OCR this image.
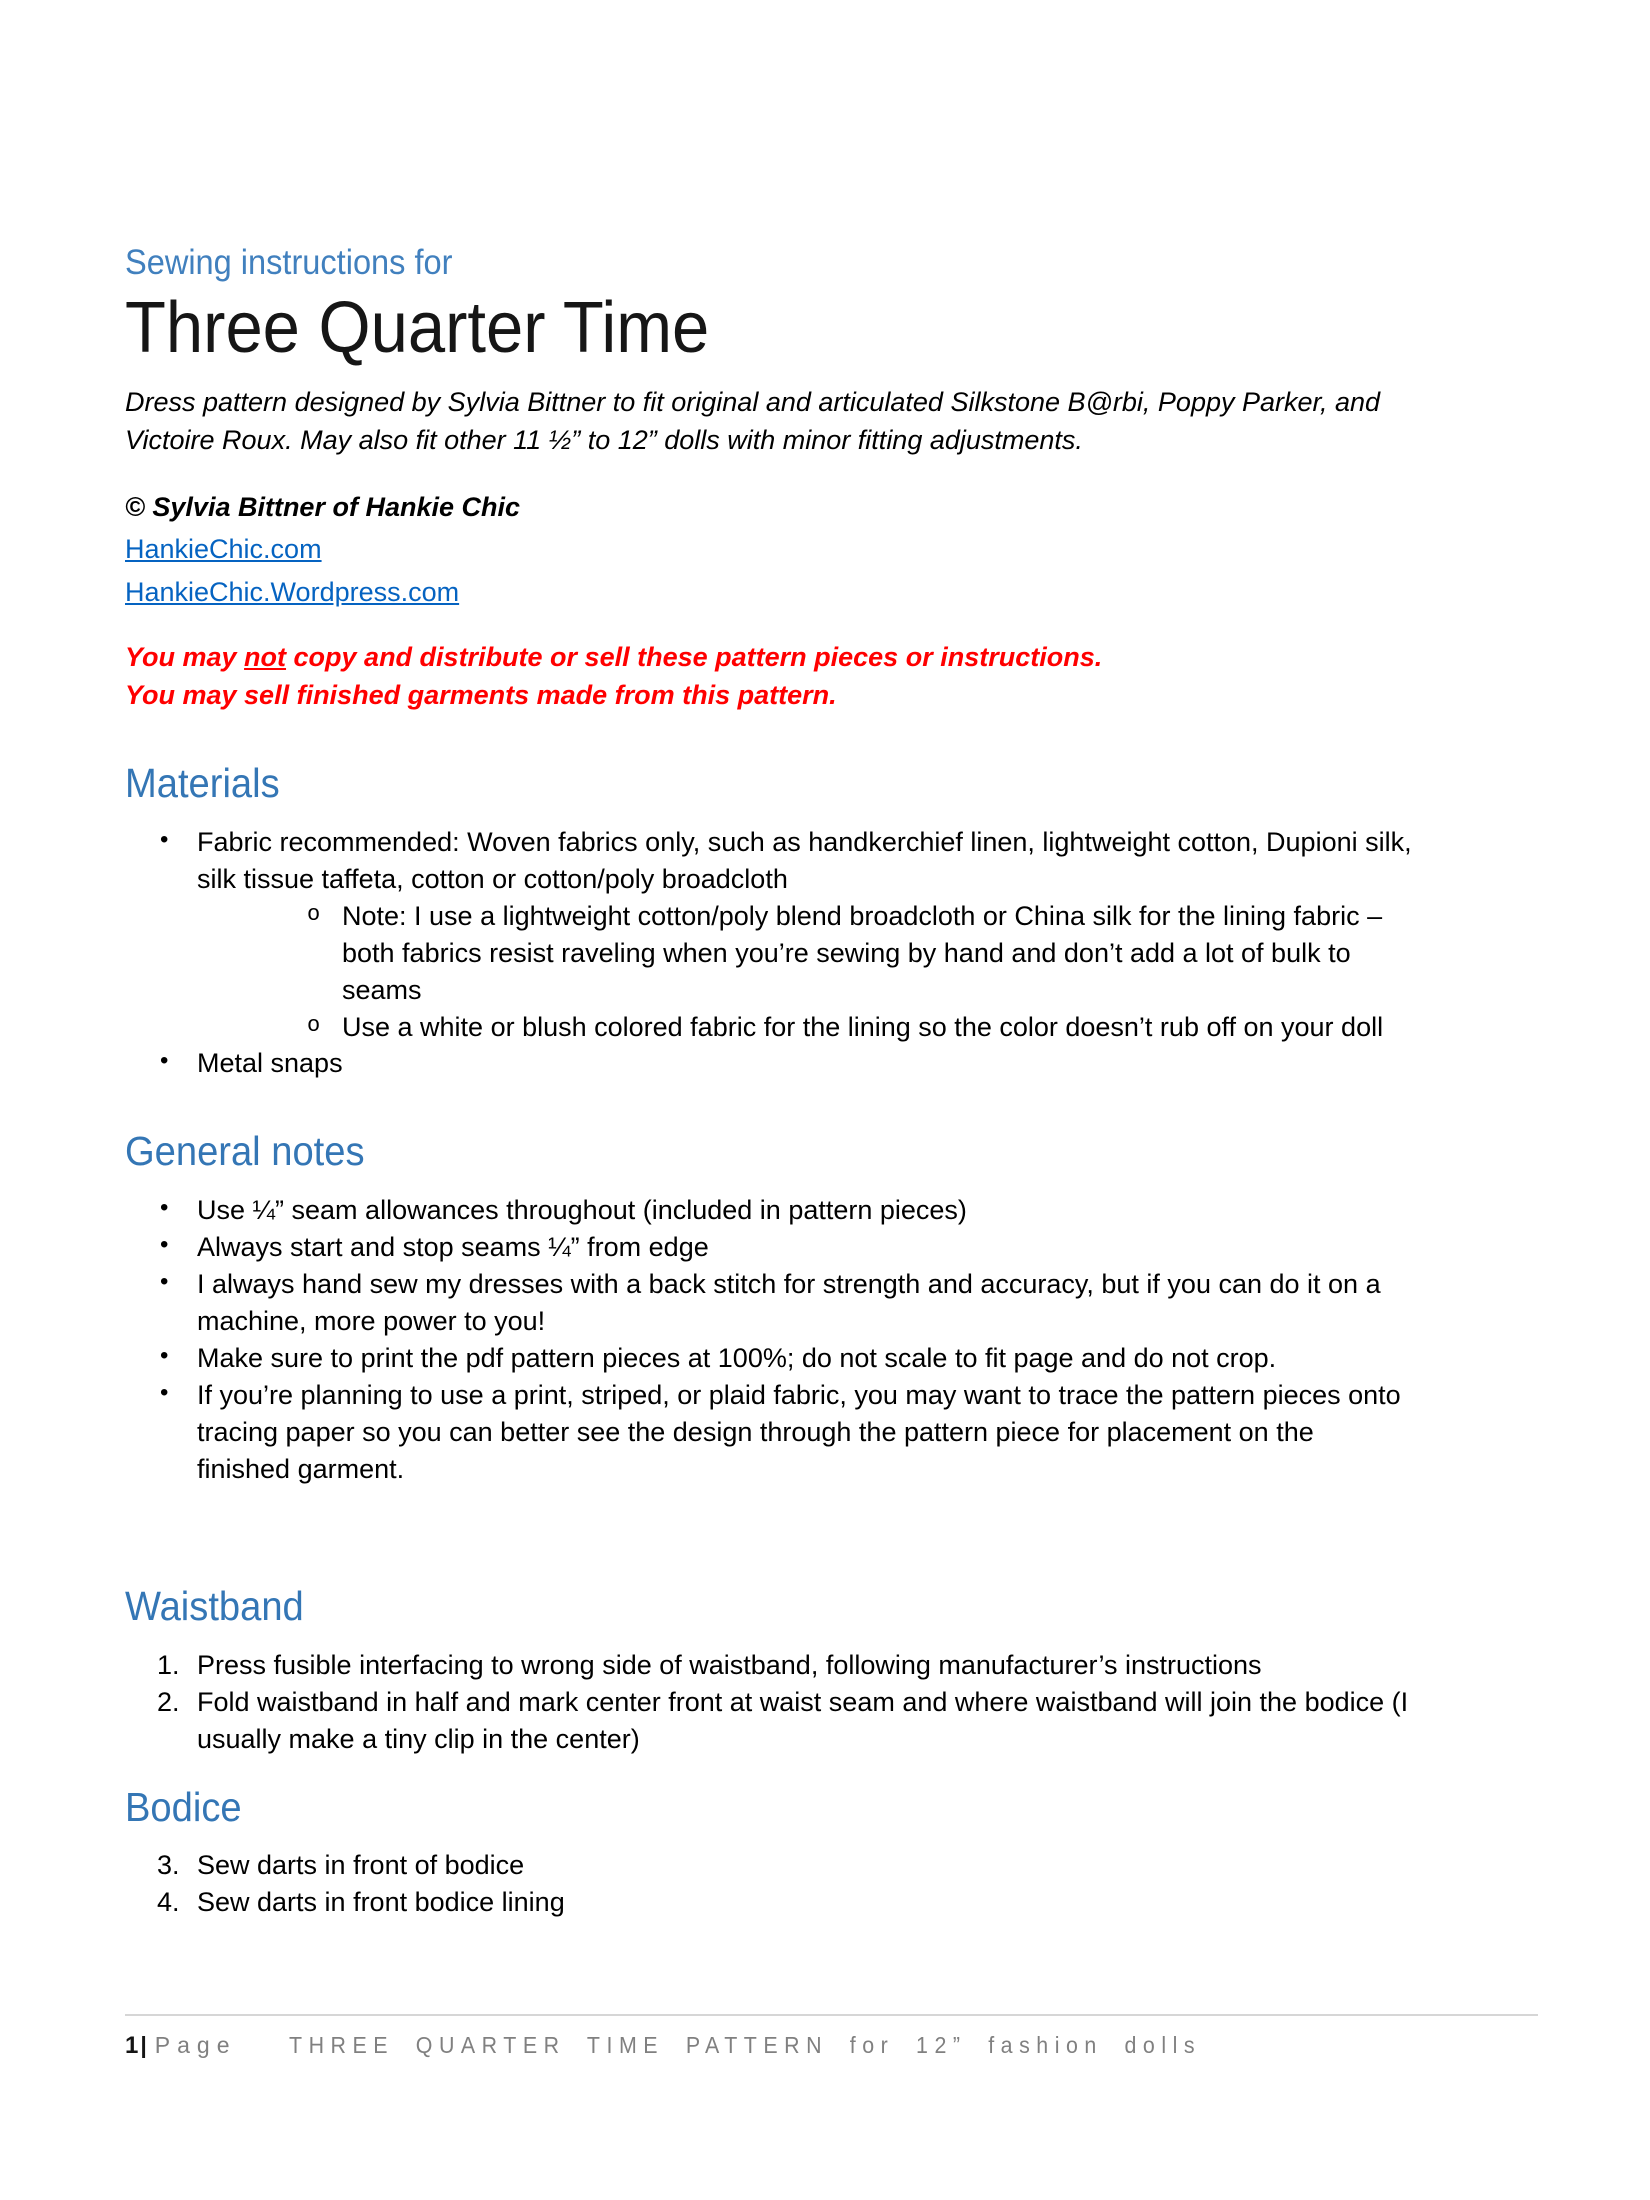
Sewing instructions for
Three Quarter Time

Dress pattern designed by Sylvia Bittner to fit original and articulated Silkstone B@rbi, Poppy Parker, and Victoire Roux. May also fit other 11 ½” to 12” dolls with minor fitting adjustments.

© Sylvia Bittner of Hankie Chic
HankieChic.com
HankieChic.Wordpress.com
You may not copy and distribute or sell these pattern pieces or instructions.
You may sell finished garments made from this pattern.
Materials
•	Fabric recommended: Woven fabrics only, such as handkerchief linen, lightweight cotton, Dupioni silk, silk tissue taffeta, cotton or cotton/poly broadcloth
o Note: I use a lightweight cotton/poly blend broadcloth or China silk for the lining fabric – both fabrics resist raveling when you’re sewing by hand and don’t add a lot of bulk to seams
o Use a white or blush colored fabric for the lining so the color doesn’t rub off on your doll
•	Metal snaps
General notes
•	Use ¼” seam allowances throughout (included in pattern pieces)
•	Always start and stop seams ¼” from edge
•	I always hand sew my dresses with a back stitch for strength and accuracy, but if you can do it on a machine, more power to you!
•	Make sure to print the pdf pattern pieces at 100%; do not scale to fit page and do not crop.
•	If you’re planning to use a print, striped, or plaid fabric, you may want to trace the pattern pieces onto tracing paper so you can better see the design through the pattern piece for placement on the finished garment.
Waistband
1. Press fusible interfacing to wrong side of waistband, following manufacturer’s instructions
2. Fold waistband in half and mark center front at waist seam and where waistband will join the bodice (I usually make a tiny clip in the center)
Bodice
3. Sew darts in front of bodice
4. Sew darts in front bodice lining
1 | Page THREE QUARTER TIME PATTERN for 12” fashion dolls
